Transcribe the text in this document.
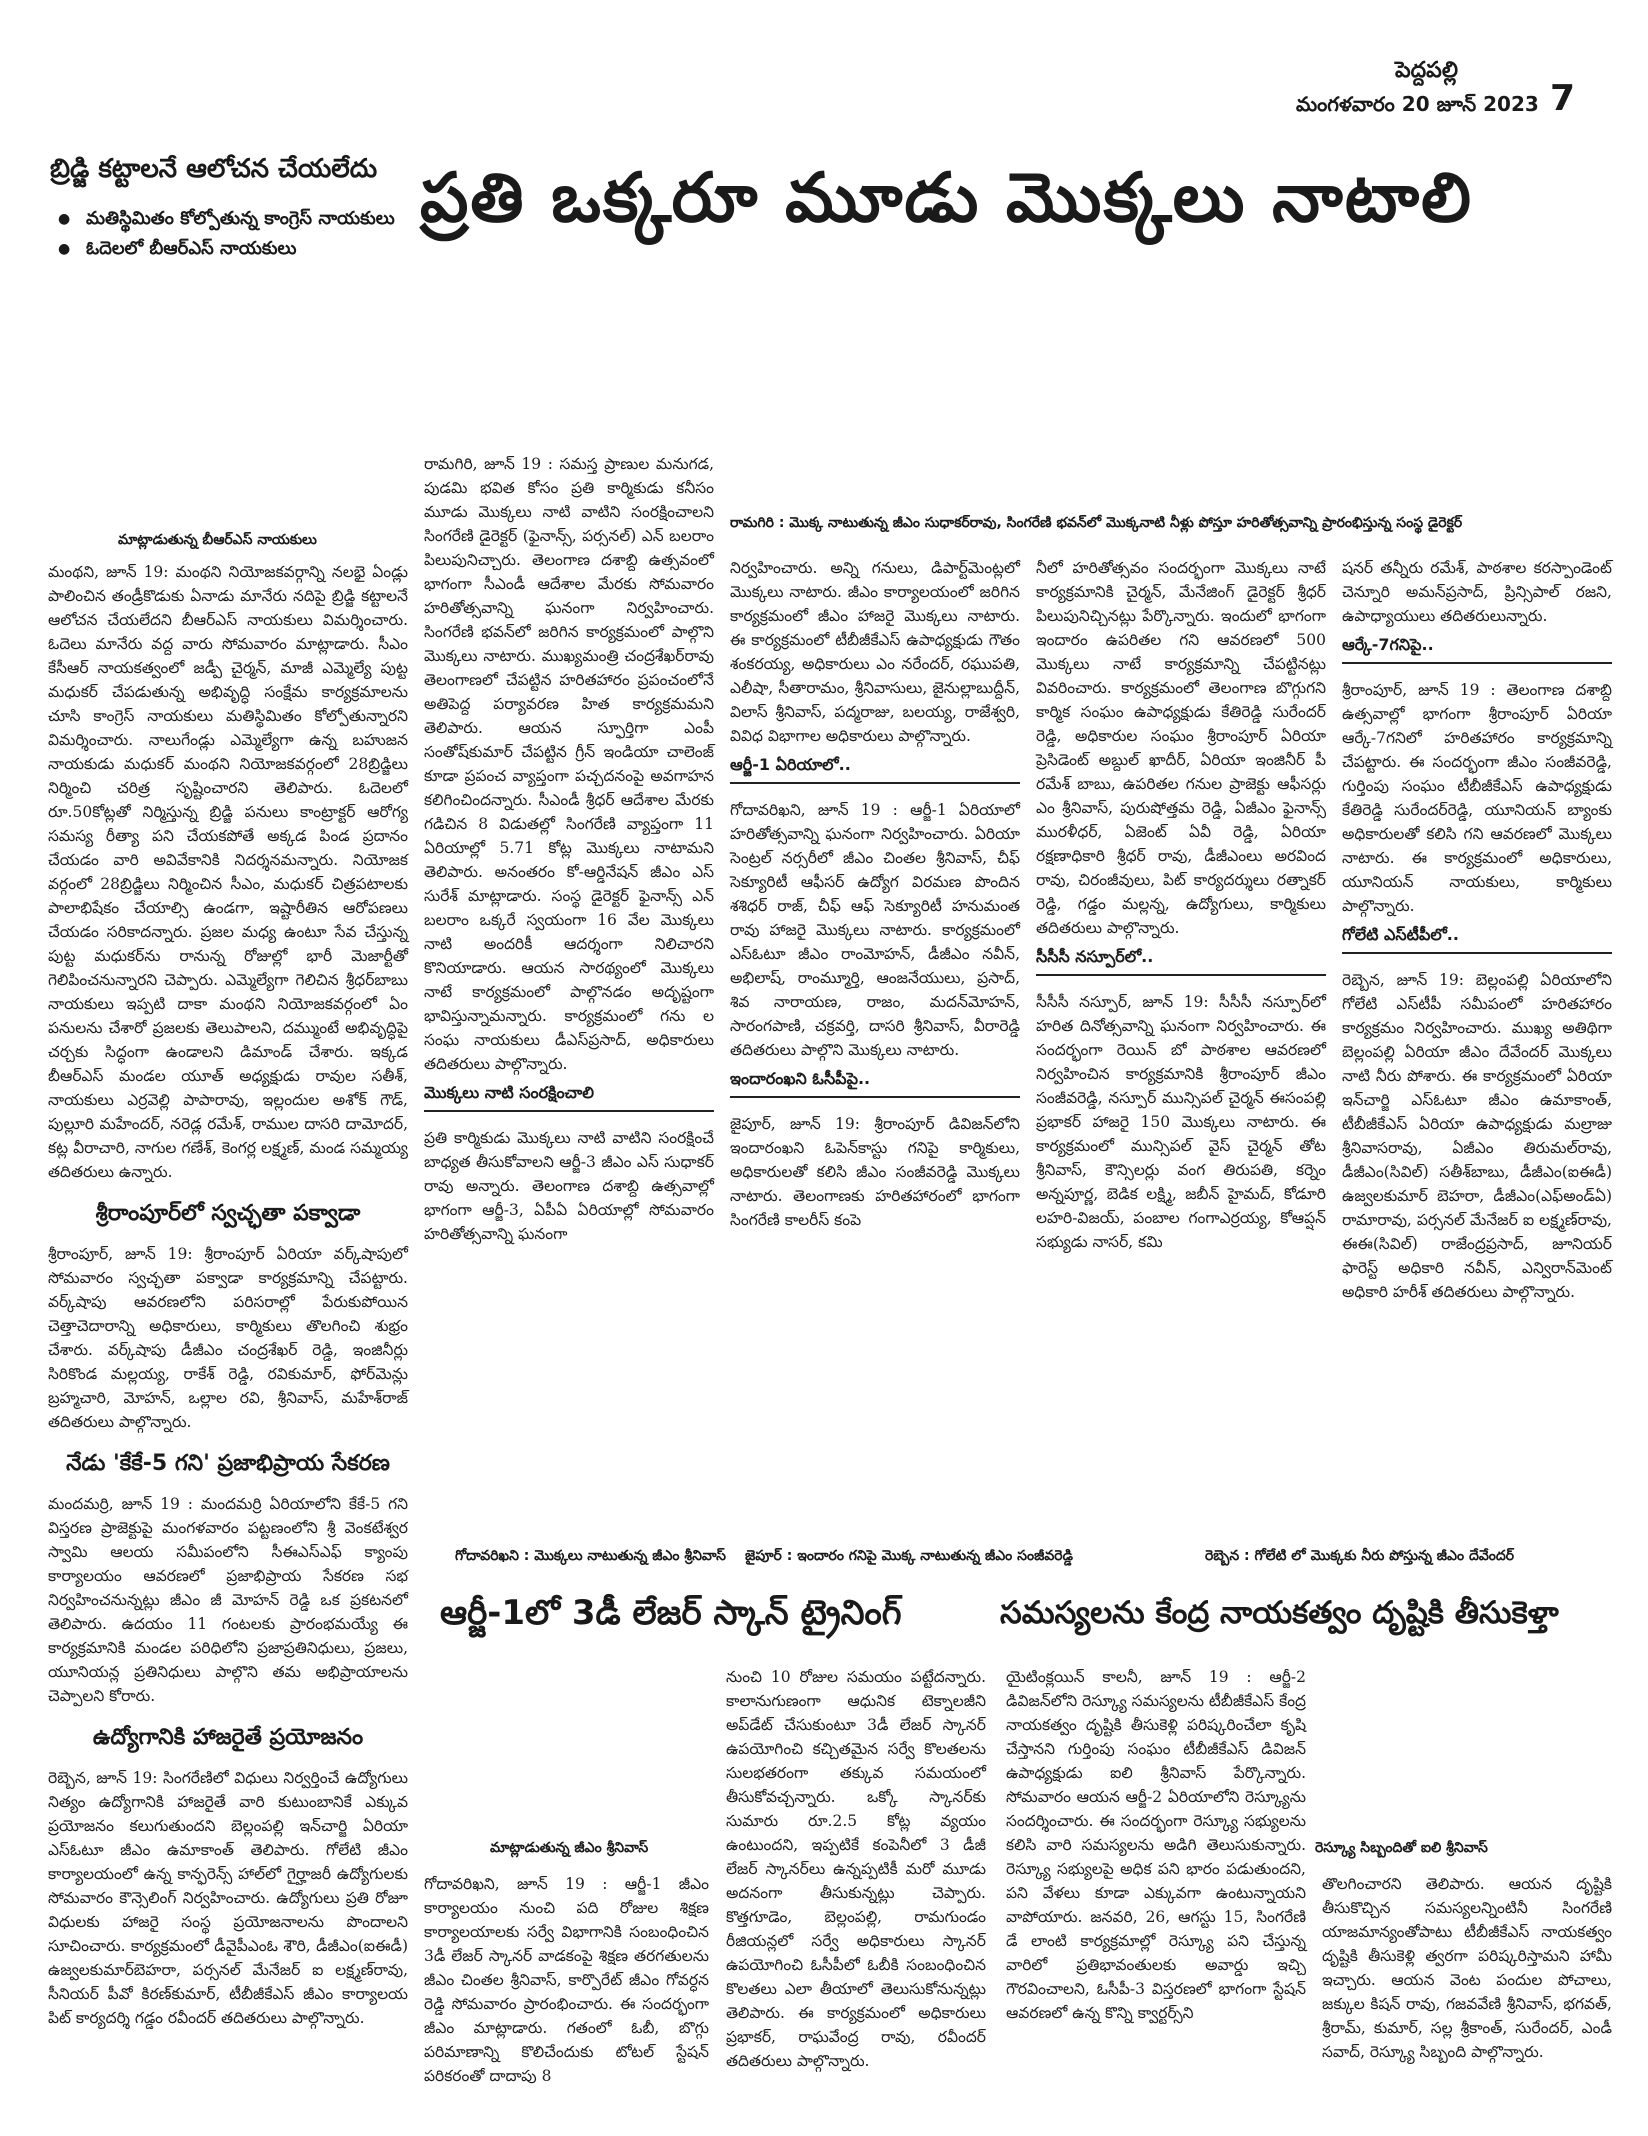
పెద్దపల్లి
మంగళవారం 20 జూన్ 2023 7
బ్రిడ్జి కట్టాలనే ఆలోచన చేయలేదు
● మతిస్థిమితం కోల్పోతున్న కాంగ్రెస్ నాయకులు
● ఓదెలలో బీఆర్ఎస్ నాయకులు
ప్రతి ఒక్కరూ మూడు మొక్కలు నాటాలి
మాట్లాడుతున్న బీఆర్ఎస్ నాయకులు
రామగిరి : మొక్క నాటుతున్న జీఎం సుధాకర్‌రావు, సింగరేణి భవన్‌లో మొక్కనాటి నీళ్లు పోస్తూ హరితోత్సవాన్ని ప్రారంభిస్తున్న సంస్థ డైరెక్టర్

మంథని, జూన్ 19: మంథని నియోజకవర్గాన్ని నలభై ఏండ్లు పాలించిన తండ్రీకొడుకు ఏనాడు మానేరు నదిపై బ్రిడ్జి కట్టాలనే ఆలోచన చేయలేదని బీఆర్ఎస్ నాయకులు విమర్శించారు. ఓదెలు మానేరు వద్ద వారు సోమవారం మాట్లాడారు. సీఎం కేసీఆర్ నాయకత్వంలో జడ్పీ చైర్మన్, మాజీ ఎమ్మెల్యే పుట్ట మధుకర్ చేపడుతున్న అభివృద్ధి సంక్షేమ కార్యక్రమాలను చూసి కాంగ్రెస్ నాయకులు మతిస్థిమితం కోల్పోతున్నారని విమర్శించారు. నాలుగేండ్లు ఎమ్మెల్యేగా ఉన్న బహుజన నాయకుడు మధుకర్ మంథని నియోజకవర్గంలో 28బ్రిడ్జిలు నిర్మించి చరిత్ర సృష్టించారని తెలిపారు. ఓదెలలో రూ.50కోట్లతో నిర్మిస్తున్న బ్రిడ్జి పనులు కాంట్రాక్టర్ ఆరోగ్య సమస్య రీత్యా పని చేయకపోతే అక్కడ పిండ ప్రదానం చేయడం వారి అవివేకానికి నిదర్శనమన్నారు. నియోజక వర్గంలో 28బ్రిడ్జిలు నిర్మించిన సీఎం, మధుకర్ చిత్రపటాలకు పాలాభిషేకం చేయాల్సి ఉండగా, ఇష్టారీతిన ఆరోపణలు చేయడం సరికాదన్నారు. ప్రజల మధ్య ఉంటూ సేవ చేస్తున్న పుట్ట మధుకర్‌ను రానున్న రోజుల్లో భారీ మెజార్టీతో గెలిపించనున్నారని చెప్పారు. ఎమ్మెల్యేగా గెలిచిన శ్రీధర్‌బాబు నాయకులు ఇప్పటి దాకా మంథని నియోజకవర్గంలో ఏం పనులను చేశారో ప్రజలకు తెలుపాలని, దమ్ముంటే అభివృద్ధిపై చర్చకు సిద్ధంగా ఉండాలని డిమాండ్ చేశారు. ఇక్కడ బీఆర్ఎస్ మండల యూత్ అధ్యక్షుడు రావుల సతీశ్, నాయకులు ఎర్రవెల్లి పాపారావు, ఇల్లందుల అశోక్ గౌడ్, పుల్లూరి మహేందర్, నరెడ్ల రమేశ్, రాముల దాసరి దామోదర్, కట్ల వీరాచారి, నాగుల గణేశ్, కెంగర్ల లక్ష్మణ్, మండ సమ్మయ్య తదితరులు ఉన్నారు.

శ్రీరాంపూర్‌లో స్వచ్ఛతా పక్వాడా

శ్రీరాంపూర్, జూన్ 19: శ్రీరాంపూర్ ఏరియా వర్క్‌షాపులో సోమవారం స్వచ్ఛతా పక్వాడా కార్యక్రమాన్ని చేపట్టారు. వర్క్‌షాపు ఆవరణలోని పరిసరాల్లో పేరుకుపోయిన చెత్తాచెదారాన్ని అధికారులు, కార్మికులు తొలగించి శుభ్రం చేశారు. వర్క్‌షాపు డీజీఎం చంద్రశేఖర్ రెడ్డి, ఇంజినీర్లు సిరికొండ మల్లయ్య, రాకేశ్ రెడ్డి, రవికుమార్, ఫోర్‌మెన్లు బ్రహ్మచారి, మోహన్, ఒల్లాల రవి, శ్రీనివాస్, మహేశ్‌రాజ్ తదితరులు పాల్గొన్నారు.

నేడు 'కేకే-5 గని' ప్రజాభిప్రాయ సేకరణ

మందమర్రి, జూన్ 19 : మందమర్రి ఏరియాలోని కేకే-5 గని విస్తరణ ప్రాజెక్టుపై మంగళవారం పట్టణంలోని శ్రీ వెంకటేశ్వర స్వామి ఆలయ సమీపంలోని సీఈఎస్‌ఎఫ్ క్యాంపు కార్యాలయం ఆవరణలో ప్రజాభిప్రాయ సేకరణ సభ నిర్వహించనున్నట్లు జీఎం జీ మోహన్ రెడ్డి ఒక ప్రకటనలో తెలిపారు. ఉదయం 11 గంటలకు ప్రారంభమయ్యే ఈ కార్యక్రమానికి మండల పరిధిలోని ప్రజాప్రతినిధులు, ప్రజలు, యూనియన్ల ప్రతినిధులు పాల్గొని తమ అభిప్రాయాలను చెప్పాలని కోరారు.

ఉద్యోగానికి హాజరైతే ప్రయోజనం

రెబ్బెన, జూన్ 19: సింగరేణిలో విధులు నిర్వర్తించే ఉద్యోగులు నిత్యం ఉద్యోగానికి హాజరైతే వారి కుటుంబానికే ఎక్కువ ప్రయోజనం కలుగుతుందని బెల్లంపల్లి ఇన్‌చార్జి ఏరియా ఎస్‌ఓటూ జీఎం ఉమాకాంత్ తెలిపారు. గోలేటి జీఎం కార్యాలయంలో ఉన్న కాన్ఫరెన్స్ హాల్‌లో గైర్హాజరీ ఉద్యోగులకు సోమవారం కౌన్సెలింగ్ నిర్వహించారు. ఉద్యోగులు ప్రతి రోజూ విధులకు హాజరై సంస్థ ప్రయోజనాలను పొందాలని సూచించారు. కార్యక్రమంలో డీవైపీఎంఓ శౌరి, డీజీఎం(ఐఈడీ) ఉజ్వలకుమార్‌బెహరా, పర్సనల్ మేనేజర్ ఐ లక్ష్మణ్‌రావు, సీనియర్ పీవో కిరణ్‌కుమార్, టీబీజీకేఎస్ జీఎం కార్యాలయ పిట్ కార్యదర్శి గడ్డం రవీందర్ తదితరులు పాల్గొన్నారు.

రామగిరి, జూన్ 19 : సమస్త ప్రాణుల మనుగడ, పుడమి భవిత కోసం ప్రతి కార్మికుడు కనీసం మూడు మొక్కలు నాటి వాటిని సంరక్షించాలని సింగరేణి డైరెక్టర్ (ఫైనాన్స్, పర్సనల్) ఎన్ బలరాం పిలుపునిచ్చారు. తెలంగాణ దశాబ్ది ఉత్సవంలో భాగంగా సీఎండీ ఆదేశాల మేరకు సోమవారం హరితోత్సవాన్ని ఘనంగా నిర్వహించారు. సింగరేణి భవన్‌లో జరిగిన కార్యక్రమంలో పాల్గొని మొక్కలు నాటారు. ముఖ్యమంత్రి చంద్రశేఖర్‌రావు తెలంగాణలో చేపట్టిన హరితహారం ప్రపంచంలోనే అతిపెద్ద పర్యావరణ హిత కార్యక్రమమని తెలిపారు. ఆయన స్ఫూర్తిగా ఎంపీ సంతోష్‌కుమార్ చేపట్టిన గ్రీన్ ఇండియా చాలెంజ్ కూడా ప్రపంచ వ్యాప్తంగా పచ్చదనంపై అవగాహన కలిగించిందన్నారు. సీఎండీ శ్రీధర్ ఆదేశాల మేరకు గడిచిన 8 విడుతల్లో సింగరేణి వ్యాప్తంగా 11 ఏరియాల్లో 5.71 కోట్ల మొక్కలు నాటామని తెలిపారు. అనంతరం కో-ఆర్డినేషన్ జీఎం ఎస్ సురేశ్ మాట్లాడారు. సంస్థ డైరెక్టర్ ఫైనాన్స్ ఎన్ బలరాం ఒక్కరే స్వయంగా 16 వేల మొక్కలు నాటి అందరికీ ఆదర్శంగా నిలిచారని కొనియాడారు. ఆయన సారథ్యంలో మొక్కలు నాటే కార్యక్రమంలో పాల్గొనడం అదృష్టంగా భావిస్తున్నామన్నారు. కార్యక్రమంలో గను ల సంఘ నాయకులు డీఎస్‌ప్రసాద్, అధికారులు తదితరులు పాల్గొన్నారు.

మొక్కలు నాటి సంరక్షించాలి

ప్రతి కార్మికుడు మొక్కలు నాటి వాటిని సంరక్షించే బాధ్యత తీసుకోవాలని ఆర్జీ-3 జీఎం ఎస్ సుధాకర్ రావు అన్నారు. తెలంగాణ దశాబ్ది ఉత్సవాల్లో భాగంగా ఆర్జీ-3, ఏపీఏ ఏరియాల్లో సోమవారం హరితోత్సవాన్ని ఘనంగా

నిర్వహించారు. అన్ని గనులు, డిపార్ట్‌మెంట్లలో మొక్కలు నాటారు. జీఎం కార్యాలయంలో జరిగిన కార్యక్రమంలో జీఎం హాజరై మొక్కలు నాటారు. ఈ కార్యక్రమంలో టీబీజీకేఎస్ ఉపాధ్యక్షుడు గౌతం శంకరయ్య, అధికారులు ఎం నరేందర్, రఘుపతి, ఎలీషా, సీతారామం, శ్రీనివాసులు, జైనుల్లాబుద్దీన్, విలాస్ శ్రీనివాస్, పద్మరాజు, బలయ్య, రాజేశ్వరి, వివిధ విభాగాల అధికారులు పాల్గొన్నారు.

ఆర్జీ-1 ఏరియాలో..

గోదావరిఖని, జూన్ 19 : ఆర్జీ-1 ఏరియాలో హరితోత్సవాన్ని ఘనంగా నిర్వహించారు. ఏరియా సెంట్రల్ నర్సరీలో జీఎం చింతల శ్రీనివాస్, చీఫ్ సెక్యూరిటీ ఆఫీసర్ ఉద్యోగ విరమణ పొందిన శశిధర్ రాజ్, చీఫ్ ఆఫ్ సెక్యూరిటీ హనుమంత రావు హాజరై మొక్కలు నాటారు. కార్యక్రమంలో ఎస్‌ఓటూ జీఎం రాంమోహన్, డీజీఎం నవీన్, అభిలాష్, రాంమ్మూర్తి, ఆంజనేయులు, ప్రసాద్, శివ నారాయణ, రాజం, మదన్‌మోహన్, సారంగపాణి, చక్రవర్తి, దాసరి శ్రీనివాస్, వీరారెడ్డి తదితరులు పాల్గొని మొక్కలు నాటారు.

ఇందారంఖని ఓసీపీపై..

జైపూర్, జూన్ 19: శ్రీరాంపూర్ డివిజన్‌లోని ఇందారంఖని ఓపెన్‌కాస్టు గనిపై కార్మికులు, అధికారులతో కలిసి జీఎం సంజీవరెడ్డి మొక్కలు నాటారు. తెలంగాణకు హరితహారంలో భాగంగా సింగరేణి కాలరీస్ కంపె

నీలో హరితోత్సవం సందర్భంగా మొక్కలు నాటే కార్యక్రమానికి చైర్మన్, మేనేజింగ్ డైరెక్టర్ శ్రీధర్ పిలుపునిచ్చినట్లు పేర్కొన్నారు. ఇందులో భాగంగా ఇందారం ఉపరితల గని ఆవరణలో 500 మొక్కలు నాటే కార్యక్రమాన్ని చేపట్టినట్లు వివరించారు. కార్యక్రమంలో తెలంగాణ బొగ్గుగని కార్మిక సంఘం ఉపాధ్యక్షుడు కేతిరెడ్డి సురేందర్ రెడ్డి, అధికారుల సంఘం శ్రీరాంపూర్ ఏరియా ప్రెసిడెంట్ అబ్దుల్ ఖాదీర్, ఏరియా ఇంజినీర్ పీ రమేశ్ బాబు, ఉపరితల గనుల ప్రాజెక్టు ఆఫీసర్లు ఎం శ్రీనివాస్, పురుషోత్తమ రెడ్డి, ఏజీఎం ఫైనాన్స్ మురళీధర్, ఏజెంట్ ఏవీ రెడ్డి, ఏరియా రక్షణాధికారి శ్రీధర్ రావు, డీజీఎంలు అరవింద రావు, చిరంజీవులు, పిట్ కార్యదర్శులు రత్నాకర్ రెడ్డి, గడ్డం మల్లన్న, ఉద్యోగులు, కార్మికులు తదితరులు పాల్గొన్నారు.

సీసీసీ నస్పూర్‌లో..

సీసీసీ నస్పూర్, జూన్ 19: సీసీసీ నస్పూర్‌లో హరిత దినోత్సవాన్ని ఘనంగా నిర్వహించారు. ఈ సందర్భంగా రెయిన్ బో పాఠశాల ఆవరణలో నిర్వహించిన కార్యక్రమానికి శ్రీరాంపూర్ జీఎం సంజీవరెడ్డి, నస్పూర్ మున్సిపల్ చైర్మన్ ఈసంపల్లి ప్రభాకర్ హాజరై 150 మొక్కలు నాటారు. ఈ కార్యక్రమంలో మున్సిపల్ వైస్ చైర్మన్ తోట శ్రీనివాస్, కౌన్సిలర్లు వంగ తిరుపతి, కర్నెం అన్నపూర్ణ, బెడిక లక్ష్మి, జబీన్ హైమద్, కోడూరి లహరి-విజయ్, పంబాల గంగాఎర్రయ్య, కోఆప్షన్ సభ్యుడు నాసర్, కమి

షనర్ తన్నీరు రమేశ్, పాఠశాల కరస్పాండెంట్ చెన్నూరి అమన్‌ప్రసాద్, ప్రిన్సిపాల్ రజని, ఉపాధ్యాయులు తదితరులున్నారు.

ఆర్కే-7గనిపై..

శ్రీరాంపూర్, జూన్ 19 : తెలంగాణ దశాబ్ది ఉత్సవాల్లో భాగంగా శ్రీరాంపూర్ ఏరియా ఆర్కే-7గనిలో హరితహారం కార్యక్రమాన్ని చేపట్టారు. ఈ సందర్భంగా జీఎం సంజీవరెడ్డి, గుర్తింపు సంఘం టీబీజీకేఎస్ ఉపాధ్యక్షుడు కేతిరెడ్డి సురేందర్‌రెడ్డి, యూనియన్ బ్యాంకు అధికారులతో కలిసి గని ఆవరణలో మొక్కలు నాటారు. ఈ కార్యక్రమంలో అధికారులు, యూనియన్ నాయకులు, కార్మికులు పాల్గొన్నారు.

గోలేటి ఎస్‌టీపీలో..

రెబ్బెన, జూన్ 19: బెల్లంపల్లి ఏరియాలోని గోలేటి ఎస్‌టీపీ సమీపంలో హరితహారం కార్యక్రమం నిర్వహించారు. ముఖ్య అతిథిగా బెల్లంపల్లి ఏరియా జీఎం దేవేందర్ మొక్కలు నాటి నీరు పోశారు. ఈ కార్యక్రమంలో ఏరియా ఇన్‌చార్జి ఎస్‌ఓటూ జీఎం ఉమాకాంత్, టీబీజీకేఎస్ ఏరియా ఉపాధ్యక్షుడు మల్రాజు శ్రీనివాసరావు, ఏజీఎం తిరుమల్‌రావు, డీజీఎం(సివిల్) సతీశ్‌బాబు, డీజీఎం(ఐఈడీ) ఉజ్వలకుమార్ బెహరా, డీజీఎం(ఎఫ్అండ్ఏ) రామారావు, పర్సనల్ మేనేజర్ ఐ లక్ష్మణ్‌రావు, ఈఈ(సివిల్) రాజేంద్రప్రసాద్, జూనియర్ ఫారెస్ట్ అధికారి నవీన్, ఎన్విరాన్‌మెంట్ అధికారి హరీశ్ తదితరులు పాల్గొన్నారు.

గోదావరిఖని : మొక్కలు నాటుతున్న జీఎం శ్రీనివాస్ జైపూర్ : ఇందారం గనిపై మొక్క నాటుతున్న జీఎం సంజీవరెడ్డి	రెబ్బెన : గోలేటి లో మొక్కకు నీరు పోస్తున్న జీఎం దేవేందర్
ఆర్జీ-1లో 3డీ లేజర్ స్కాన్ ట్రైనింగ్	సమస్యలను కేంద్ర నాయకత్వం దృష్టికి తీసుకెళ్తా
మాట్లాడుతున్న జీఎం శ్రీనివాస్

గోదావరిఖని, జూన్ 19 : ఆర్జీ-1 జీఎం కార్యాలయం నుంచి పది రోజుల శిక్షణ కార్యాలయాలకు సర్వే విభాగానికి సంబంధించిన 3డీ లేజర్ స్కానర్ వాడకంపై శిక్షణ తరగతులను జీఎం చింతల శ్రీనివాస్, కార్పొరేట్ జీఎం గోవర్ధన రెడ్డి సోమవారం ప్రారంభించారు. ఈ సందర్భంగా జీఎం మాట్లాడారు. గతంలో ఓబీ, బొగ్గు పరిమాణాన్ని కొలిచేందుకు టోటల్ స్టేషన్ పరికరంతో దాదాపు 8

నుంచి 10 రోజుల సమయం పట్టేదన్నారు. కాలానుగుణంగా ఆధునిక టెక్నాలజీని అప్‌డేట్ చేసుకుంటూ 3డీ లేజర్ స్కానర్ ఉపయోగించి కచ్చితమైన సర్వే కొలతలను సులభతరంగా తక్కువ సమయంలో తీసుకోవచ్చన్నారు. ఒక్కో స్కానర్‌కు సుమారు రూ.2.5 కోట్ల వ్యయం ఉంటుందని, ఇప్పటికే కంపెనీలో 3 డీజీ లేజర్ స్కానర్‌లు ఉన్నప్పటికీ మరో మూడు అదనంగా తీసుకున్నట్లు చెప్పారు. కొత్తగూడెం, బెల్లంపల్లి, రామగుండం రీజియన్లలో సర్వే అధికారులు స్కానర్ ఉపయోగించి ఓసీపీలో ఓబీకి సంబంధించిన కొలతలు ఎలా తీయాలో తెలుసుకోనున్నట్లు తెలిపారు. ఈ కార్యక్రమంలో అధికారులు ప్రభాకర్, రాఘవేంద్ర రావు, రవీందర్ తదితరులు పాల్గొన్నారు.

యైటింక్లయిన్ కాలనీ, జూన్ 19 : ఆర్జీ-2 డివిజన్‌లోని రెస్క్యూ సమస్యలను టీబీజీకేఎస్ కేంద్ర నాయకత్వం దృష్టికి తీసుకెళ్లి పరిష్కరించేలా కృషి చేస్తానని గుర్తింపు సంఘం టీబీజీకేఎస్ డివిజన్ ఉపాధ్యక్షుడు ఐలి శ్రీనివాస్ పేర్కొన్నారు. సోమవారం ఆయన ఆర్జీ-2 ఏరియాలోని రెస్క్యూను సందర్శించారు. ఈ సందర్భంగా రెస్క్యూ సభ్యులను కలిసి వారి సమస్యలను అడిగి తెలుసుకున్నారు. రెస్క్యూ సభ్యులపై అధిక పని భారం పడుతుందని, పని వేళలు కూడా ఎక్కువగా ఉంటున్నాయని వాపోయారు. జనవరి, 26, ఆగస్టు 15, సింగరేణి డే లాంటి కార్యక్రమాల్లో రెస్క్యూ పని చేస్తున్న వారిలో ప్రతిభావంతులకు అవార్డు ఇచ్చి గౌరవించాలని, ఓసీపీ-3 విస్తరణలో భాగంగా స్టేషన్ ఆవరణలో ఉన్న కొన్ని క్వార్టర్స్‌ని

రెస్క్యూ సిబ్బందితో ఐలి శ్రీనివాస్

తొలగించారని తెలిపారు. ఆయన దృష్టికి తీసుకొచ్చిన సమస్యలన్నింటినీ సింగరేణి యాజమాన్యంతోపాటు టీబీజీకేఎస్ నాయకత్వం దృష్టికి తీసుకెళ్లి త్వరగా పరిష్కరిస్తామని హామీ ఇచ్చారు. ఆయన వెంట పందుల పోచాలు, జక్కుల కిషన్ రావు, గజవవేణి శ్రీనివాస్, భగవత్, శ్రీరామ్, కుమార్, సల్ల శ్రీకాంత్, సురేందర్, ఎండీ సవాద్, రెస్క్యూ సిబ్బంది పాల్గొన్నారు.
